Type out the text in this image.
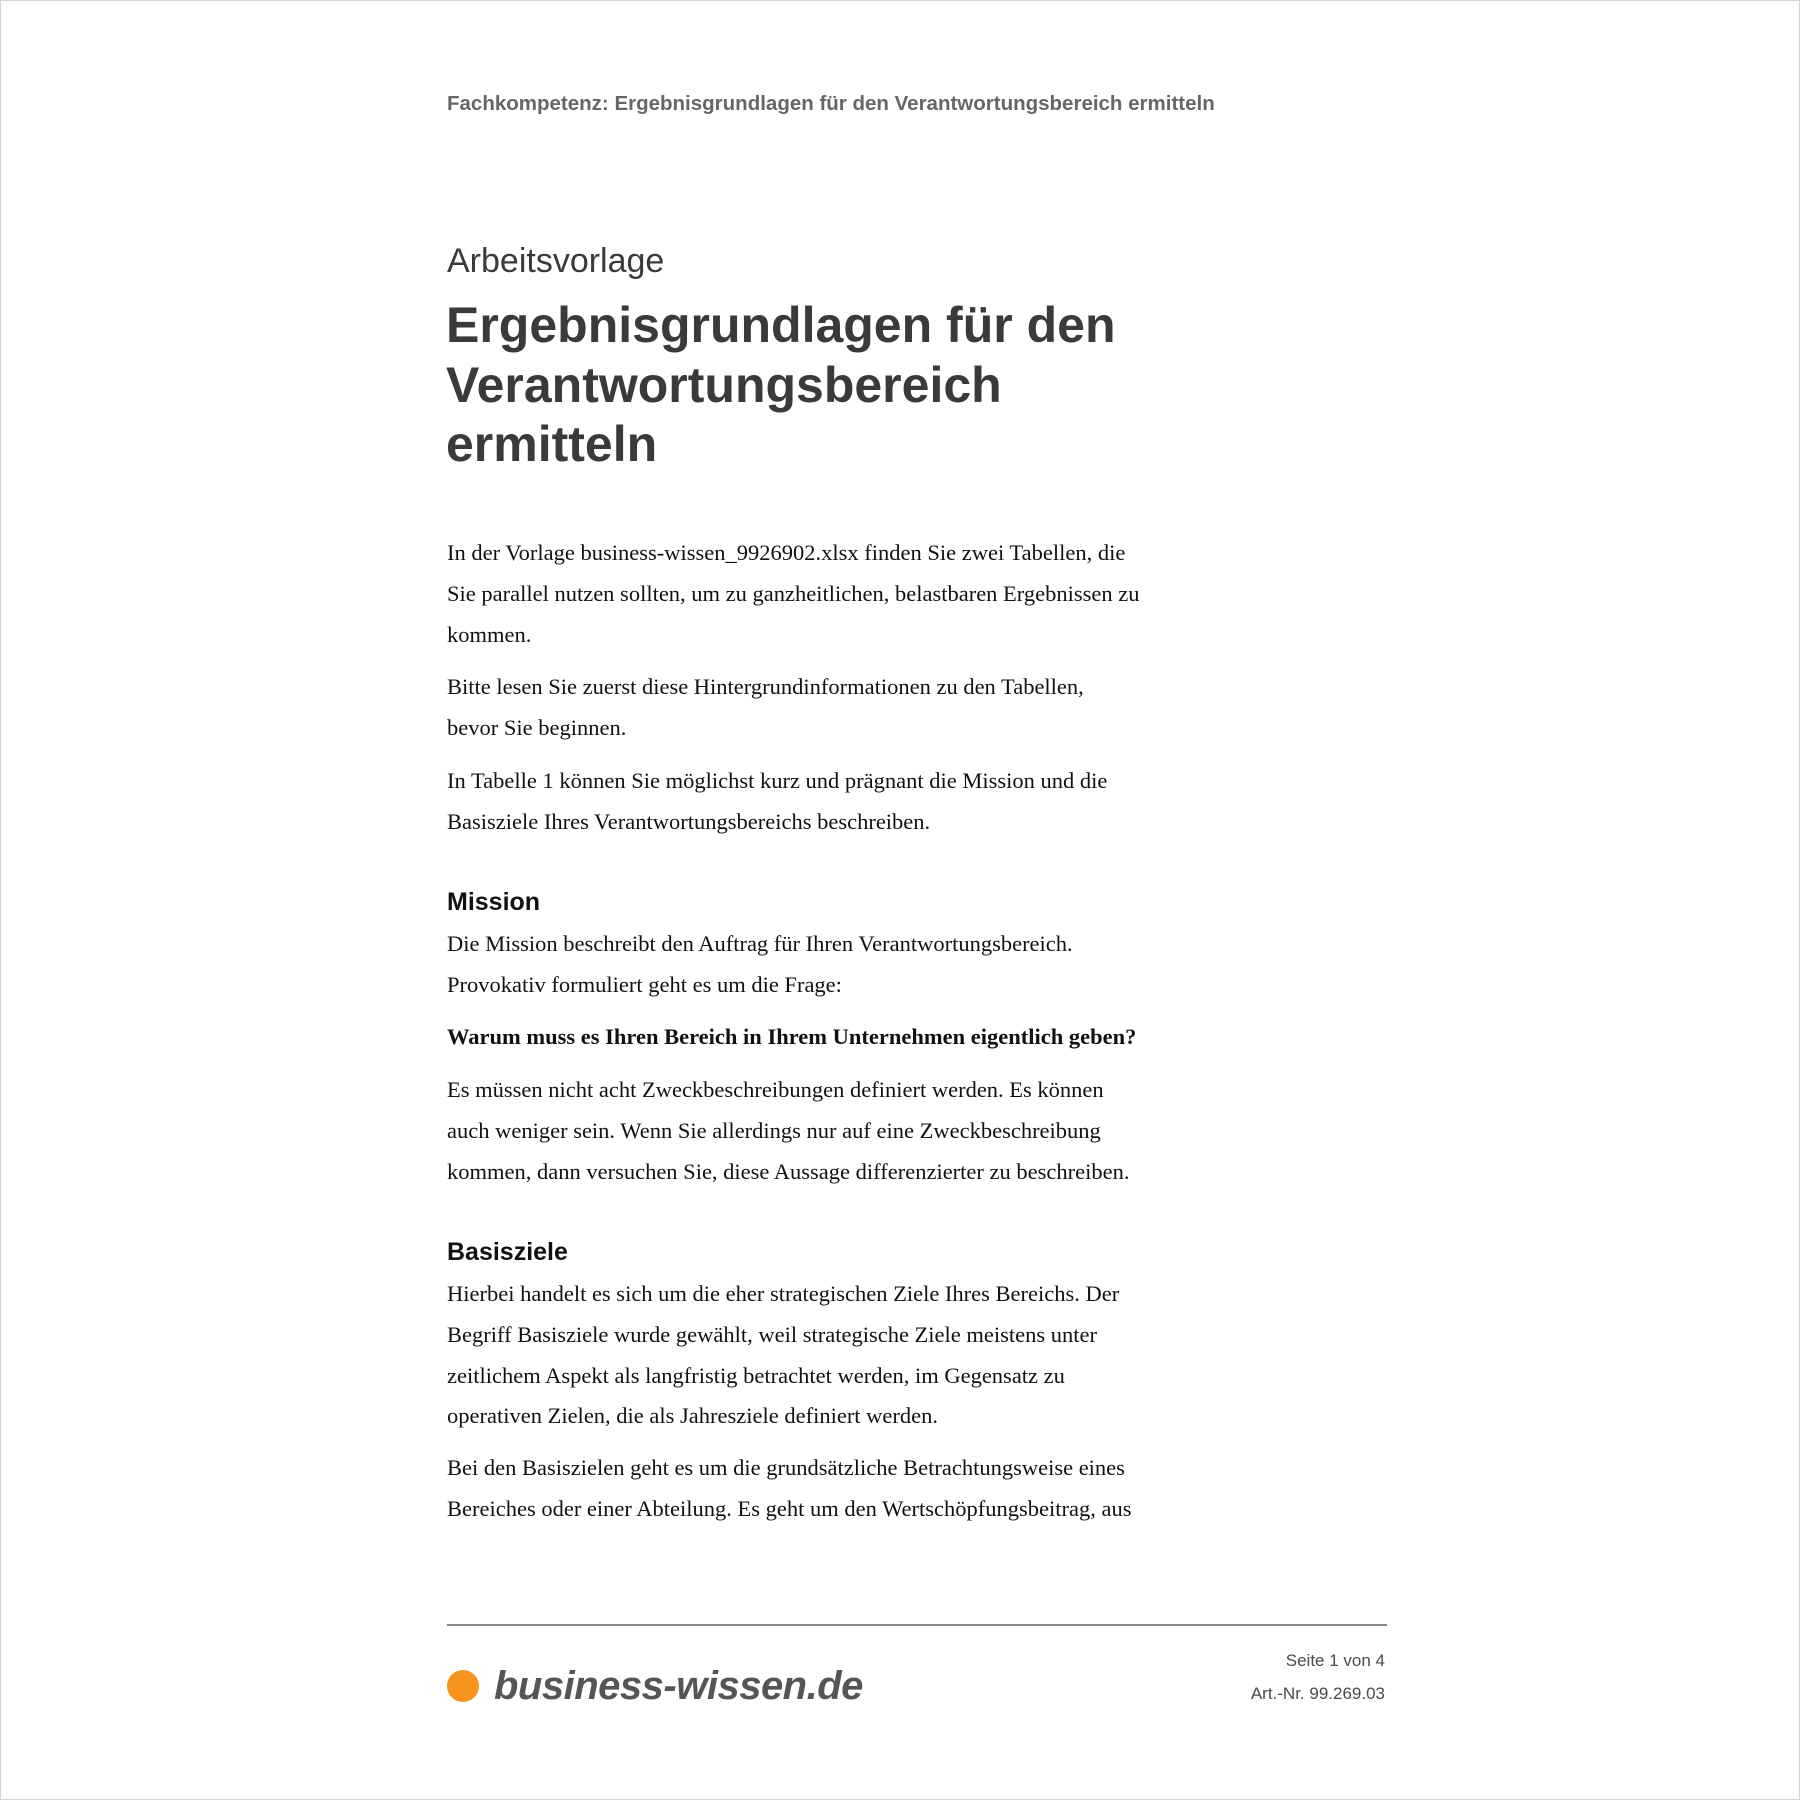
Fachkompetenz: Ergebnisgrundlagen für den Verantwortungsbereich ermitteln
Arbeitsvorlage
Ergebnisgrundlagen für den
Verantwortungsbereich
ermitteln

In der Vorlage business-wissen_9926902.xlsx finden Sie zwei Tabellen, die

Sie parallel nutzen sollten, um zu ganzheitlichen, belastbaren Ergebnissen zu

kommen.

Bitte lesen Sie zuerst diese Hintergrundinformationen zu den Tabellen,

bevor Sie beginnen.

In Tabelle 1 können Sie möglichst kurz und prägnant die Mission und die

Basisziele Ihres Verantwortungsbereichs beschreiben.

Mission

Die Mission beschreibt den Auftrag für Ihren Verantwortungsbereich.

Provokativ formuliert geht es um die Frage:

Warum muss es Ihren Bereich in Ihrem Unternehmen eigentlich geben?

Es müssen nicht acht Zweckbeschreibungen definiert werden. Es können

auch weniger sein. Wenn Sie allerdings nur auf eine Zweckbeschreibung

kommen, dann versuchen Sie, diese Aussage differenzierter zu beschreiben.

Basisziele

Hierbei handelt es sich um die eher strategischen Ziele Ihres Bereichs. Der

Begriff Basisziele wurde gewählt, weil strategische Ziele meistens unter

zeitlichem Aspekt als langfristig betrachtet werden, im Gegensatz zu

operativen Zielen, die als Jahresziele definiert werden.

Bei den Basiszielen geht es um die grundsätzliche Betrachtungsweise eines

Bereiches oder einer Abteilung. Es geht um den Wertschöpfungsbeitrag, aus

business-wissen.de
Seite 1 von 4
Art.-Nr. 99.269.03
